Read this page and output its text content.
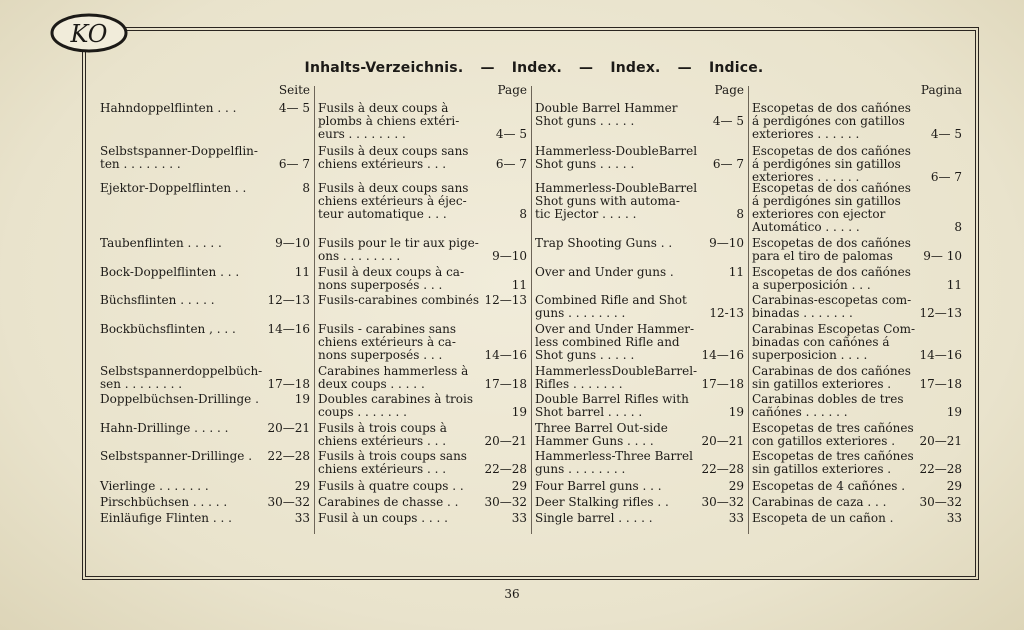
KO
Inhalts-Verzeichnis. — Index. — Index. — Indice.
Seite
Hahndoppelflinten . . .	4— 5
Selbstspanner-Doppelflin-
ten . . . . . . . .	6— 7
Ejektor-Doppelflinten . .	8
Taubenflinten . . . . .	9—10
Bock-Doppelflinten . . .	11
Büchsflinten . . . . .	12—13
Bockbüchsflinten , . . .	14—16
Selbstspannerdoppelbüch-
sen . . . . . . . .	17—18
Doppelbüchsen-Drillinge .	19
Hahn-Drillinge . . . . .	20—21
Selbstspanner-Drillinge .	22—28
Vierlinge . . . . . . .	29
Pirschbüchsen . . . . .	30—32
Einläufige Flinten . . .	33
Page
Fusils à deux coups à
plombs à chiens extéri-
eurs . . . . . . . .	4— 5
Fusils à deux coups sans
chiens extérieurs . . .	6— 7
Fusils à deux coups sans
chiens extérieurs à éjec-
teur automatique . . .	8
Fusils pour le tir aux pige-
ons . . . . . . . .	9—10
Fusil à deux coups à ca-
nons superposés . . .	11
Fusils-carabines combinés 12—13
Fusils - carabines sans
chiens extérieurs à ca-
nons superposés . . .	14—16
Carabines hammerless à
deux coups . . . . .	17—18
Doubles carabines à trois
coups . . . . . . .	19
Fusils à trois coups à
chiens extérieurs . . .	20—21
Fusils à trois coups sans
chiens extérieurs . . .	22—28
Fusils à quatre coups . .	29
Carabines de chasse . .	30—32
Fusil à un coups . . . .	33
Page
Double Barrel Hammer
Shot guns . . . . .	4— 5
Hammerless-DoubleBarrel
Shot guns . . . . .	6— 7
Hammerless-DoubleBarrel
Shot guns with automa-
tic Ejector . . . . .	8
Trap Shooting Guns . .	9—10
Over and Under guns .	11
Combined Rifle and Shot
guns . . . . . . . .	12-13
Over and Under Hammer-
less combined Rifle and
Shot guns . . . . .	14—16
HammerlessDoubleBarrel-
Rifles . . . . . . .	17—18
Double Barrel Rifles with
Shot barrel . . . . .	19
Three Barrel Out-side
Hammer Guns . . . .	20—21
Hammerless-Three Barrel
guns . . . . . . . .	22—28
Four Barrel guns . . .	29
Deer Stalking rifles . .	30—32
Single barrel . . . . .	33
Pagina
Escopetas de dos cañónes
á perdigónes con gatillos
exteriores . . . . . .	4— 5
Escopetas de dos cañónes
á perdigónes sin gatillos
exteriores . . . . . .	6— 7
Escopetas de dos cañónes
á perdigónes sin gatillos
exteriores con ejector
Automático . . . . .	8
Escopetas de dos cañónes
para el tiro de palomas	9— 10
Escopetas de dos cañónes
a superposición . . .	11
Carabinas-escopetas com-
binadas . . . . . . .	12—13
Carabinas Escopetas Com-
binadas con cañónes á
superposicion . . . .	14—16
Carabinas de dos cañónes
sin gatillos exteriores .	17—18
Carabinas dobles de tres
cañónes . . . . . .	19
Escopetas de tres cañónes
con gatillos exteriores .	20—21
Escopetas de tres cañónes
sin gatillos exteriores .	22—28
Escopetas de 4 cañónes .	29
Carabinas de caza . . .	30—32
Escopeta de un cañon .	33
36
